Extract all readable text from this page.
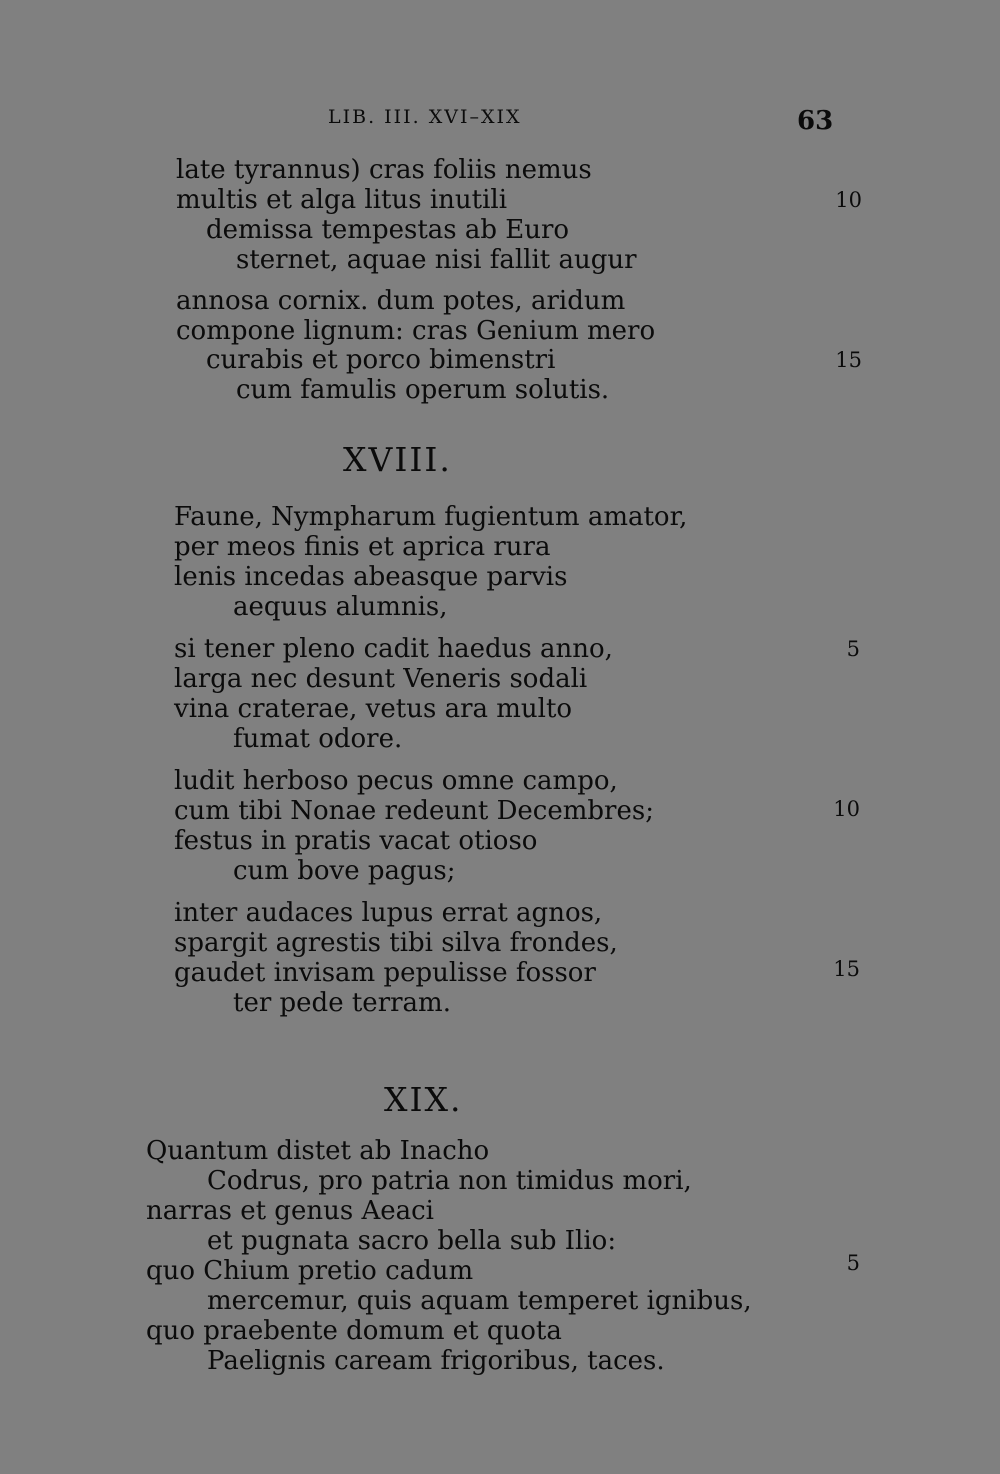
LIB. III. XVI–XIX	63
late tyrannus) cras foliis nemus
multis et alga litus inutili	10
demissa tempestas ab Euro
sternet, aquae nisi fallit augur
annosa cornix. dum potes, aridum
compone lignum: cras Genium mero
curabis et porco bimenstri	15
cum famulis operum solutis.
XVIII.
Faune, Nympharum fugientum amator,
per meos finis et aprica rura
lenis incedas abeasque parvis
aequus alumnis,
si tener pleno cadit haedus anno,	5
larga nec desunt Veneris sodali
vina craterae, vetus ara multo
fumat odore.
ludit herboso pecus omne campo,
cum tibi Nonae redeunt Decembres;	10
festus in pratis vacat otioso
cum bove pagus;
inter audaces lupus errat agnos,
spargit agrestis tibi silva frondes,
gaudet invisam pepulisse fossor	15
ter pede terram.
XIX.
Quantum distet ab Inacho
Codrus, pro patria non timidus mori,
narras et genus Aeaci
et pugnata sacro bella sub Ilio:
quo Chium pretio cadum	5
mercemur, quis aquam temperet ignibus,
quo praebente domum et quota
Paelignis caream frigoribus, taces.
